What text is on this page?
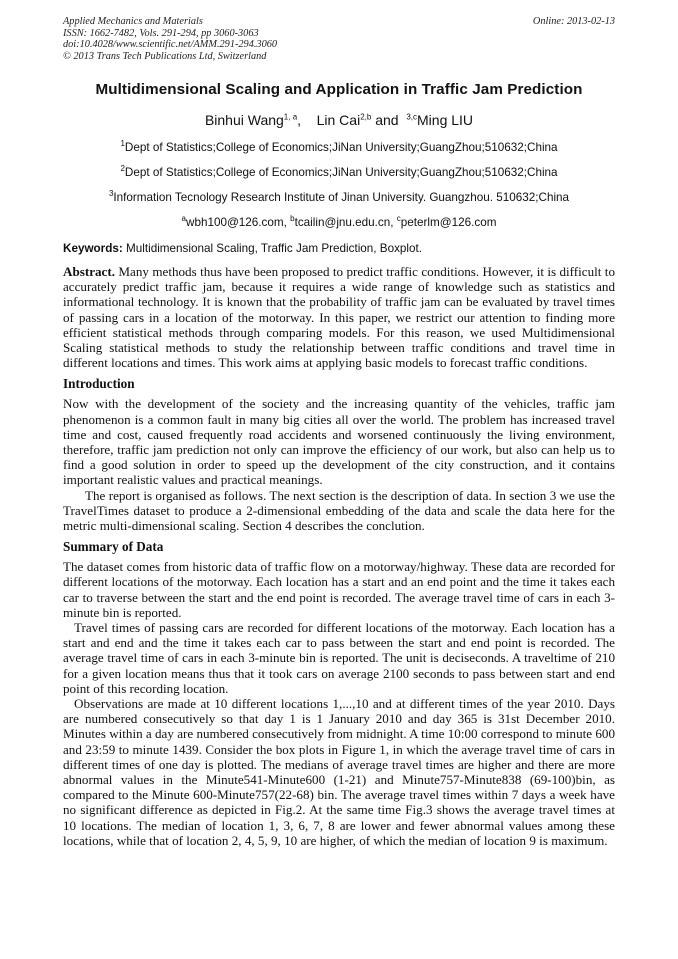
Applied Mechanics and Materials
ISSN: 1662-7482, Vols. 291-294, pp 3060-3063
doi:10.4028/www.scientific.net/AMM.291-294.3060
© 2013 Trans Tech Publications Ltd, Switzerland
Online: 2013-02-13
Multidimensional Scaling and Application in Traffic Jam Prediction
Binhui Wang$^{1, a}$, Lin Cai$^{2,b}$ and $^{3,c}$Ming LIU
$^1$Dept of Statistics;College of Economics;JiNan University;GuangZhou;510632;China
$^2$Dept of Statistics;College of Economics;JiNan University;GuangZhou;510632;China
$^3$Information Tecnology Research Institute of Jinan University. Guangzhou. 510632;China
$^a$wbh100@126.com, $^b$tcailin@jnu.edu.cn, $^c$peterlm@126.com
Keywords: Multidimensional Scaling, Traffic Jam Prediction, Boxplot.

Abstract. Many methods thus have been proposed to predict traffic conditions. However, it is difficult to accurately predict traffic jam, because it requires a wide range of knowledge such as statistics and informational technology. It is known that the probability of traffic jam can be evaluated by travel times of passing cars in a location of the motorway. In this paper, we restrict our attention to finding more efficient statistical methods through comparing models. For this reason, we used Multidimensional Scaling statistical methods to study the relationship between traffic conditions and travel time in different locations and times. This work aims at applying basic models to forecast traffic conditions.

Introduction

Now with the development of the society and the increasing quantity of the vehicles, traffic jam phenomenon is a common fault in many big cities all over the world. The problem has increased travel time and cost, caused frequently road accidents and worsened continuously the living environment, therefore, traffic jam prediction not only can improve the efficiency of our work, but also can help us to find a good solution in order to speed up the development of the city construction, and it contains important realistic values and practical meanings.

The report is organised as follows. The next section is the description of data. In section 3 we use the TravelTimes dataset to produce a 2-dimensional embedding of the data and scale the data here for the metric multi-dimensional scaling. Section 4 describes the conclution.

Summary of Data

The dataset comes from historic data of traffic flow on a motorway/highway. These data are recorded for different locations of the motorway. Each location has a start and an end point and the time it takes each car to traverse between the start and the end point is recorded. The average travel time of cars in each 3-minute bin is reported.

Travel times of passing cars are recorded for different locations of the motorway. Each location has a start and end and the time it takes each car to pass between the start and end point is recorded. The average travel time of cars in each 3-minute bin is reported. The unit is deciseconds. A traveltime of 210 for a given location means thus that it took cars on average 2100 seconds to pass between start and end point of this recording location.

Observations are made at 10 different locations 1,...,10 and at different times of the year 2010. Days are numbered consecutively so that day 1 is 1 January 2010 and day 365 is 31st December 2010. Minutes within a day are numbered consecutively from midnight. A time 10:00 correspond to minute 600 and 23:59 to minute 1439. Consider the box plots in Figure 1, in which the average travel time of cars in different times of one day is plotted. The medians of average travel times are higher and there are more abnormal values in the Minute541-Minute600 (1-21) and Minute757-Minute838 (69-100)bin, as compared to the Minute 600-Minute757(22-68) bin. The average travel times within 7 days a week have no significant difference as depicted in Fig.2. At the same time Fig.3 shows the average travel times at 10 locations. The median of location 1, 3, 6, 7, 8 are lower and fewer abnormal values among these locations, while that of location 2, 4, 5, 9, 10 are higher, of which the median of location 9 is maximum.
